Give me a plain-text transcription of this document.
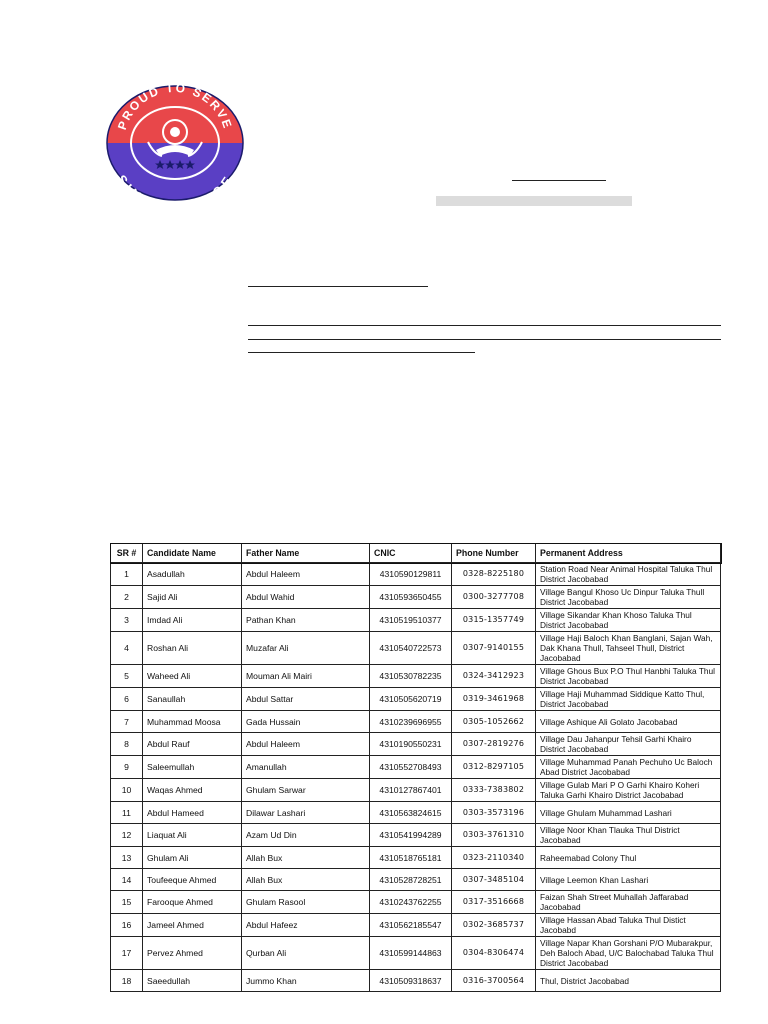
PROUD TO SERVE
SIN LICE
SR #	Candidate Name	Father Name	CNIC	Phone Number	Permanent Address
1	Asadullah	Abdul Haleem	4310590129811	0328-8225180	Station Road Near Animal Hospital Taluka Thul District Jacobabad
2	Sajid Ali	Abdul Wahid	4310593650455	0300-3277708	Village Bangul Khoso Uc Dinpur Taluka Thull District Jacobabad
3	Imdad Ali	Pathan Khan	4310519510377	0315-1357749	Village Sikandar Khan Khoso Taluka Thul District Jacobabad
4	Roshan Ali	Muzafar Ali	4310540722573	0307-9140155	Village Haji Baloch Khan Banglani, Sajan Wah, Dak Khana Thull, Tahseel Thull, District Jacobabad
5	Waheed Ali	Mouman Ali Mairi	4310530782235	0324-3412923	Village Ghous Bux P.O Thul Hanbhi Taluka Thul District Jacobabad
6	Sanaullah	Abdul Sattar	4310505620719	0319-3461968	Village Haji Muhammad Siddique Katto Thul, District Jacobabad
7	Muhammad Moosa	Gada Hussain	4310239696955	0305-1052662	Village Ashique Ali Golato Jacobabad
8	Abdul Rauf	Abdul Haleem	4310190550231	0307-2819276	Village Dau Jahanpur Tehsil Garhi Khairo District Jacobabad
9	Saleemullah	Amanullah	4310552708493	0312-8297105	Village Muhammad Panah Pechuho Uc Baloch Abad District Jacobabad
10	Waqas Ahmed	Ghulam Sarwar	4310127867401	0333-7383802	Village Gulab Mari P O Garhi Khairo Koheri Taluka Garhi Khairo District Jacobabad
11	Abdul Hameed	Dilawar Lashari	4310563824615	0303-3573196	Village Ghulam Muhammad Lashari
12	Liaquat Ali	Azam Ud Din	4310541994289	0303-3761310	Village Noor Khan Tlauka Thul District Jacobabad
13	Ghulam Ali	Allah Bux	4310518765181	0323-2110340	Raheemabad Colony Thul
14	Toufeeque Ahmed	Allah Bux	4310528728251	0307-3485104	Village Leemon Khan Lashari
15	Farooque Ahmed	Ghulam Rasool	4310243762255	0317-3516668	Faizan Shah Street Muhallah Jaffarabad Jacobabad
16	Jameel Ahmed	Abdul Hafeez	4310562185547	0302-3685737	Village Hassan Abad Taluka Thul Distict Jacobabd
17	Pervez Ahmed	Qurban Ali	4310599144863	0304-8306474	Village Napar Khan Gorshani P/O Mubarakpur, Deh Baloch Abad, U/C Balochabad Taluka Thul District Jacobabad
18	Saeedullah	Jummo Khan	4310509318637	0316-3700564	Thul, District Jacobabad
